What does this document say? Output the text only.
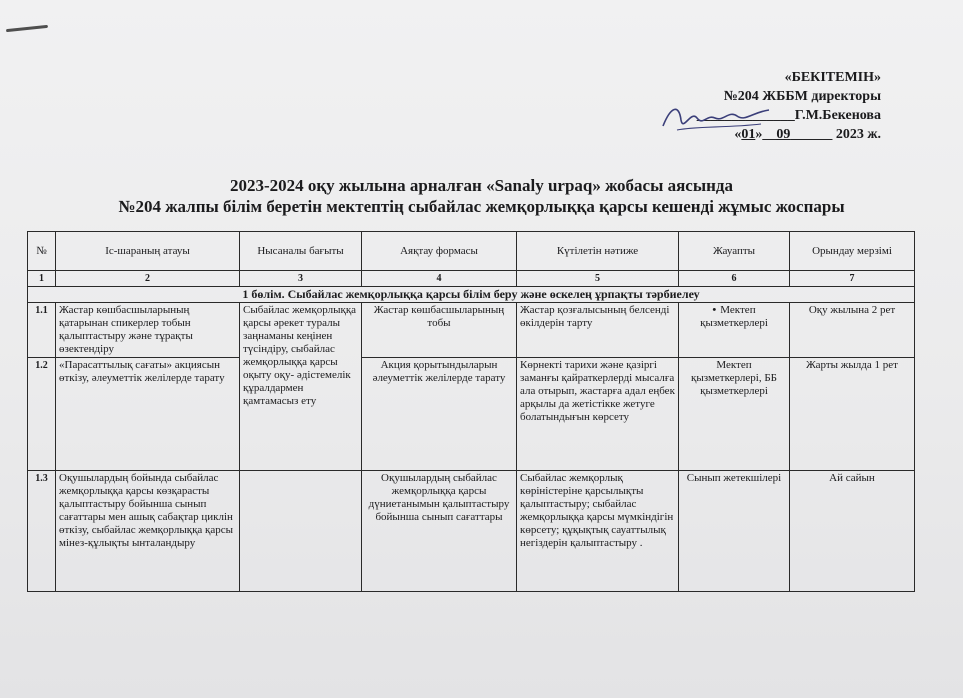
«БЕКІТЕМІН»
№204 ЖББМ директоры
______________Г.М.Бекенова
«01»__09______ 2023 ж.
2023-2024 оқу жылына арналған «Sanaly urpaq» жобасы аясында
№204 жалпы білім беретін мектептің сыбайлас жемқорлыққа қарсы кешенді жұмыс жоспары
№	Іс-шараның атауы	Нысаналы бағыты	Аяқтау формасы	Күтілетін нәтиже	Жауапты	Орындау мерзімі
1	2	3	4	5	6	7
1 бөлім. Сыбайлас жемқорлыққа қарсы білім беру және өскелең ұрпақты тәрбиелеу						
1.1	Жастар көшбасшыларының қатарынан спикерлер тобын қалыптастыру және тұрақты өзектендіру	Сыбайлас жемқорлыққа қарсы әрекет туралы заңнаманы кеңінен түсіндіру, сыбайлас жемқорлыққа қарсы оқыту оқу- әдістемелік құралдармен қамтамасыз ету	Жастар көшбасшыларының тобы	Жастар қозғалысының белсенді өкілдерін тарту	• Мектеп қызметкерлері	Оқу жылына 2 рет
1.2	«Парасаттылық сағаты» акциясын өткізу, әлеуметтік желілерде тарату		Акция қорытындыларын әлеуметтік желілерде тарату	Көрнекті тарихи және қазіргі заманғы қайраткерлерді мысалға ала отырып, жастарға адал еңбек арқылы да жетістікке жетуге болатындығын көрсету	Мектеп қызметкерлері, ББ қызметкерлері	Жарты жылда 1 рет
1.3	Оқушылардың бойында сыбайлас жемқорлыққа қарсы көзқарасты қалыптастыру бойынша сынып сағаттары мен ашық сабақтар циклін өткізу, сыбайлас жемқорлыққа қарсы мінез-құлықты ынталандыру		Оқушылардың сыбайлас жемқорлыққа қарсы дүниетанымын қалыптастыру бойынша сынып сағаттары	Сыбайлас жемқорлық көріністеріне қарсылықты қалыптастыру; сыбайлас жемқорлыққа қарсы мүмкіндігін көрсету; құқықтық сауаттылық негіздерін қалыптастыру .	Сынып жетекшілері	Ай сайын
